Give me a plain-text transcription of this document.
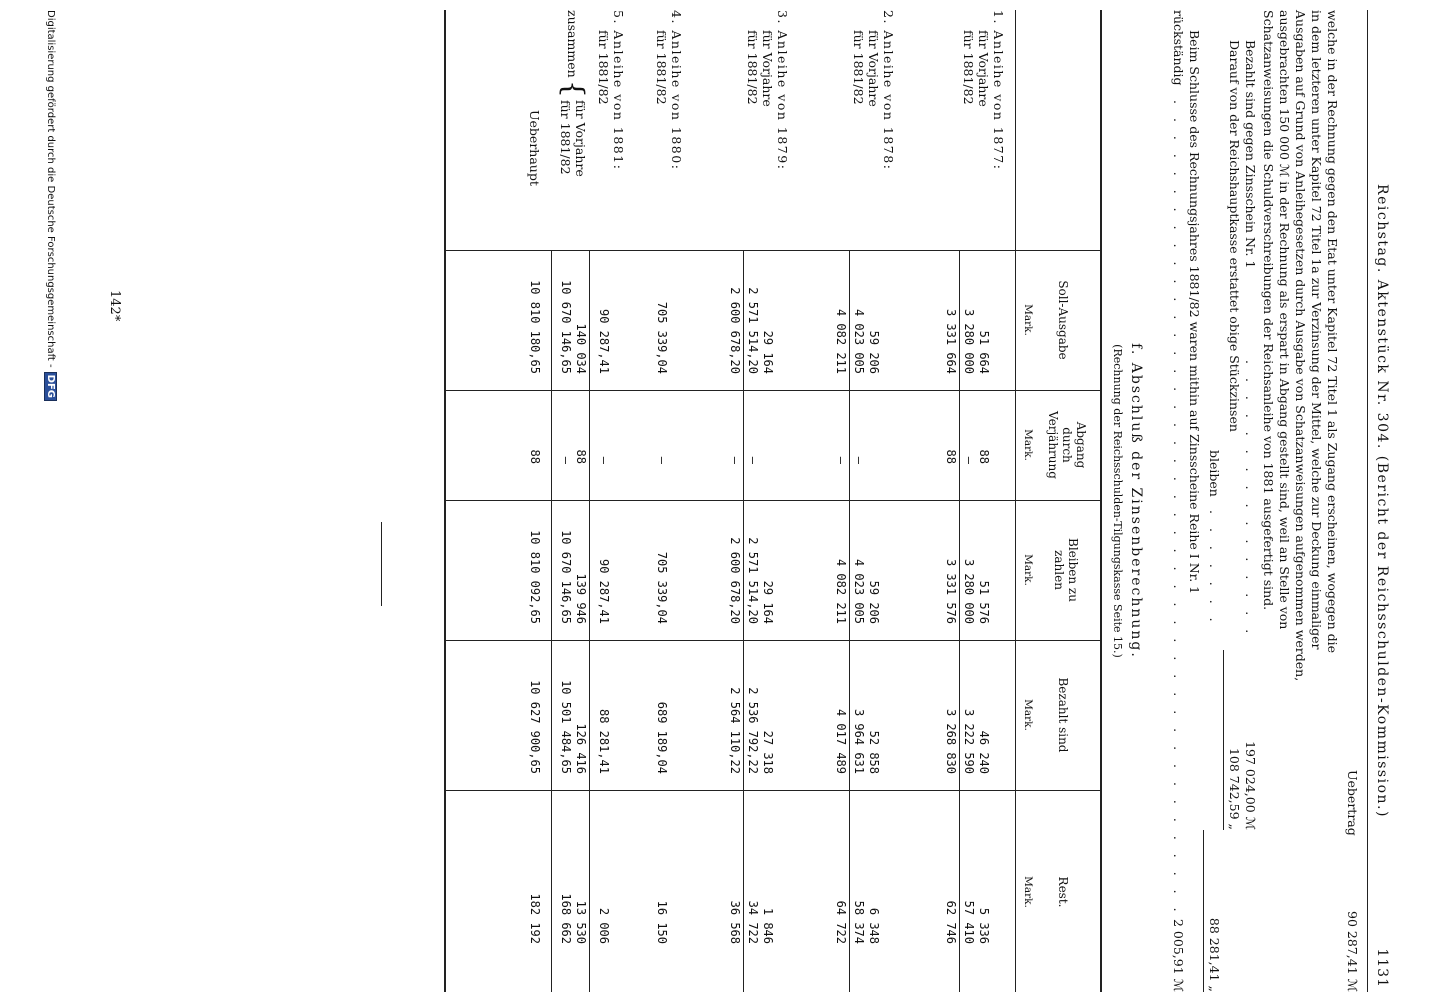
Reichstag. Aktenstück Nr. 304. (Bericht der Reichsschulden-Kommission.)
1131
Uebertrag
90 287,41 ℳ
welche in der Rechnung gegen den Etat unter Kapitel 72 Titel 1 als Zugang erscheinen, wogegen die
in dem letzteren unter Kapitel 72 Titel 1a zur Verzinsung der Mittel, welche zur Deckung einmaliger
Ausgaben auf Grund von Anleihegesetzen durch Ausgabe von Schatzanweisungen aufgenommen werden,
ausgebrachten 150 000 ℳ in der Rechnung als erspart in Abgang gestellt sind, weil an Stelle von
Schatzanweisungen die Schuldverschreibungen der Reichsanleihe von 1881 ausgefertigt sind.
Bezahlt sind gegen Zinsschein Nr. 1
. . . . . . . . . . . . . . . .
197 024,00 ℳ
Darauf von der Reichshauptkasse erstattet obige Stückzinsen
108 742,59 „
bleiben
. . . . . . .
88 281,41 „
Beim Schlusse des Rechnungsjahres 1881/82 waren mithin auf Zinsscheine Reihe I Nr. 1
rückständig
. . . . . . . . . . . . . . . . . . . . . . . . . . . . . . . . . . . . . . . . . . . . . .
2 005,91 ℳ
f. Abschluß der Zinsenberechnung.
(Rechnung der Reichsschulden-Tilgungskasse Seite 15.)
Soll-Ausgabe
Abgang durch Verjährung
Bleiben zu zahlen
Bezahlt sind
Rest.
Mark.
Mark.
Mark.
Mark.
Mark.
1. Anleihe von 1877:
für Vorjahre
51 664
88
51 576
46 240
5 336
für 1881/82
3 280 000
—
3 280 000
3 222 590
57 410
3 331 664
88
3 331 576
3 268 830
62 746
2. Anleihe von 1878:
für Vorjahre
59 206
59 206
52 858
6 348
für 1881/82
4 023 005
—
4 023 005
3 964 631
58 374
4 082 211
—
4 082 211
4 017 489
64 722
3. Anleihe von 1879:
für Vorjahre
29 164
29 164
27 318
1 846
für 1881/82
2 571 514,20
—
2 571 514,20
2 536 792,22
34 722
2 600 678,20
—
2 600 678,20
2 564 110,22
36 568
4. Anleihe von 1880:
für 1881/82
705 339,04
—
705 339,04
689 189,04
16 150
5. Anleihe von 1881:
für 1881/82
90 287,41
—
90 287,41
88 281,41
2 006
zusammen
{
für Vorjahre
140 034
88
139 946
126 416
13 530
für 1881/82
10 670 146,65
—
10 670 146,65
10 501 484,65
168 662
Ueberhaupt
10 810 180,65
88
10 810 092,65
10 627 900,65
182 192
142*
Digitalisierung gefördert durch die Deutsche Forschungsgemeinschaft -DFG
